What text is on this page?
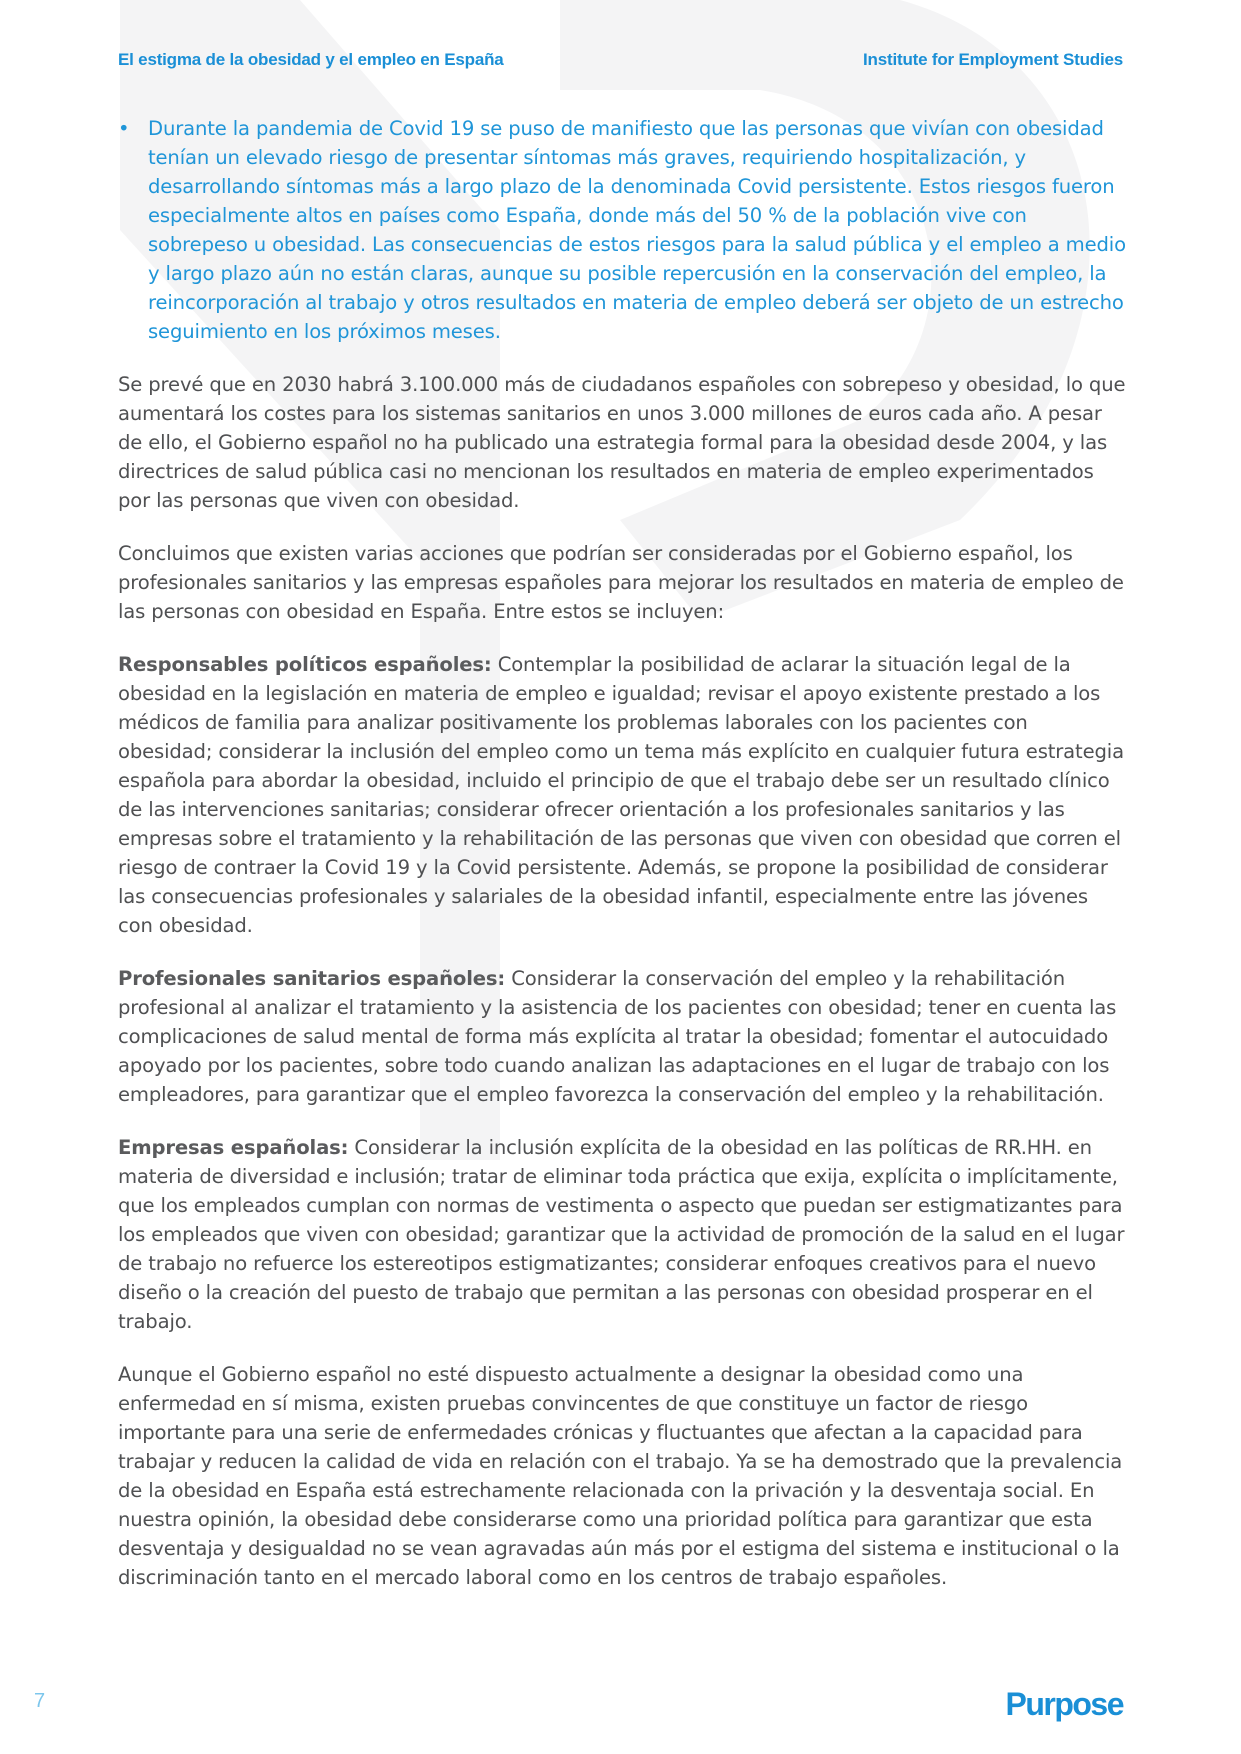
El estigma de la obesidad y el empleo en España	Institute for Employment Studies
• Durante la pandemia de Covid 19 se puso de manifiesto que las personas que vivían con obesidad tenían un elevado riesgo de presentar síntomas más graves, requiriendo hospitalización, y desarrollando síntomas más a largo plazo de la denominada Covid persistente. Estos riesgos fueron especialmente altos en países como España, donde más del 50 % de la población vive con sobrepeso u obesidad. Las consecuencias de estos riesgos para la salud pública y el empleo a medio y largo plazo aún no están claras, aunque su posible repercusión en la conservación del empleo, la reincorporación al trabajo y otros resultados en materia de empleo deberá ser objeto de un estrecho seguimiento en los próximos meses.

Se prevé que en 2030 habrá 3.100.000 más de ciudadanos españoles con sobrepeso y obesidad, lo que aumentará los costes para los sistemas sanitarios en unos 3.000 millones de euros cada año. A pesar de ello, el Gobierno español no ha publicado una estrategia formal para la obesidad desde 2004, y las directrices de salud pública casi no mencionan los resultados en materia de empleo experimentados por las personas que viven con obesidad.

Concluimos que existen varias acciones que podrían ser consideradas por el Gobierno español, los profesionales sanitarios y las empresas españoles para mejorar los resultados en materia de empleo de las personas con obesidad en España. Entre estos se incluyen:

Responsables políticos españoles: Contemplar la posibilidad de aclarar la situación legal de la obesidad en la legislación en materia de empleo e igualdad; revisar el apoyo existente prestado a los médicos de familia para analizar positivamente los problemas laborales con los pacientes con obesidad; considerar la inclusión del empleo como un tema más explícito en cualquier futura estrategia española para abordar la obesidad, incluido el principio de que el trabajo debe ser un resultado clínico de las intervenciones sanitarias; considerar ofrecer orientación a los profesionales sanitarios y las empresas sobre el tratamiento y la rehabilitación de las personas que viven con obesidad que corren el riesgo de contraer la Covid 19 y la Covid persistente. Además, se propone la posibilidad de considerar las consecuencias profesionales y salariales de la obesidad infantil, especialmente entre las jóvenes con obesidad.

Profesionales sanitarios españoles: Considerar la conservación del empleo y la rehabilitación profesional al analizar el tratamiento y la asistencia de los pacientes con obesidad; tener en cuenta las complicaciones de salud mental de forma más explícita al tratar la obesidad; fomentar el autocuidado apoyado por los pacientes, sobre todo cuando analizan las adaptaciones en el lugar de trabajo con los empleadores, para garantizar que el empleo favorezca la conservación del empleo y la rehabilitación.

Empresas españolas: Considerar la inclusión explícita de la obesidad en las políticas de RR.HH. en materia de diversidad e inclusión; tratar de eliminar toda práctica que exija, explícita o implícitamente, que los empleados cumplan con normas de vestimenta o aspecto que puedan ser estigmatizantes para los empleados que viven con obesidad; garantizar que la actividad de promoción de la salud en el lugar de trabajo no refuerce los estereotipos estigmatizantes; considerar enfoques creativos para el nuevo diseño o la creación del puesto de trabajo que permitan a las personas con obesidad prosperar en el trabajo.

Aunque el Gobierno español no esté dispuesto actualmente a designar la obesidad como una enfermedad en sí misma, existen pruebas convincentes de que constituye un factor de riesgo importante para una serie de enfermedades crónicas y fluctuantes que afectan a la capacidad para trabajar y reducen la calidad de vida en relación con el trabajo. Ya se ha demostrado que la prevalencia de la obesidad en España está estrechamente relacionada con la privación y la desventaja social. En nuestra opinión, la obesidad debe considerarse como una prioridad política para garantizar que esta desventaja y desigualdad no se vean agravadas aún más por el estigma del sistema e institucional o la discriminación tanto en el mercado laboral como en los centros de trabajo españoles.

7	Purpose
